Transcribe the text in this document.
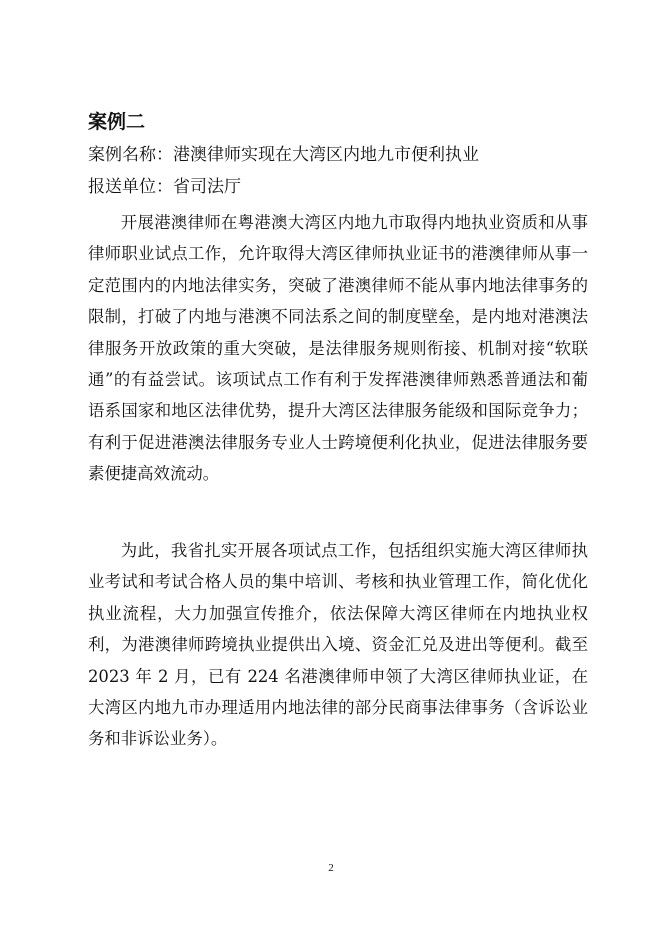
案例二

案例名称：港澳律师实现在大湾区内地九市便利执业

报送单位：省司法厅

开展港澳律师在粤港澳大湾区内地九市取得内地执业资质和从事律师职业试点工作，允许取得大湾区律师执业证书的港澳律师从事一定范围内的内地法律实务，突破了港澳律师不能从事内地法律事务的限制，打破了内地与港澳不同法系之间的制度壁垒，是内地对港澳法律服务开放政策的重大突破，是法律服务规则衔接、机制对接“软联通”的有益尝试。该项试点工作有利于发挥港澳律师熟悉普通法和葡语系国家和地区法律优势，提升大湾区法律服务能级和国际竞争力；有利于促进港澳法律服务专业人士跨境便利化执业，促进法律服务要素便捷高效流动。

为此，我省扎实开展各项试点工作，包括组织实施大湾区律师执业考试和考试合格人员的集中培训、考核和执业管理工作，简化优化执业流程，大力加强宣传推介，依法保障大湾区律师在内地执业权利，为港澳律师跨境执业提供出入境、资金汇兑及进出等便利。截至 2023 年 2 月，已有 224 名港澳律师申领了大湾区律师执业证，在大湾区内地九市办理适用内地法律的部分民商事法律事务（含诉讼业务和非诉讼业务）。

2
